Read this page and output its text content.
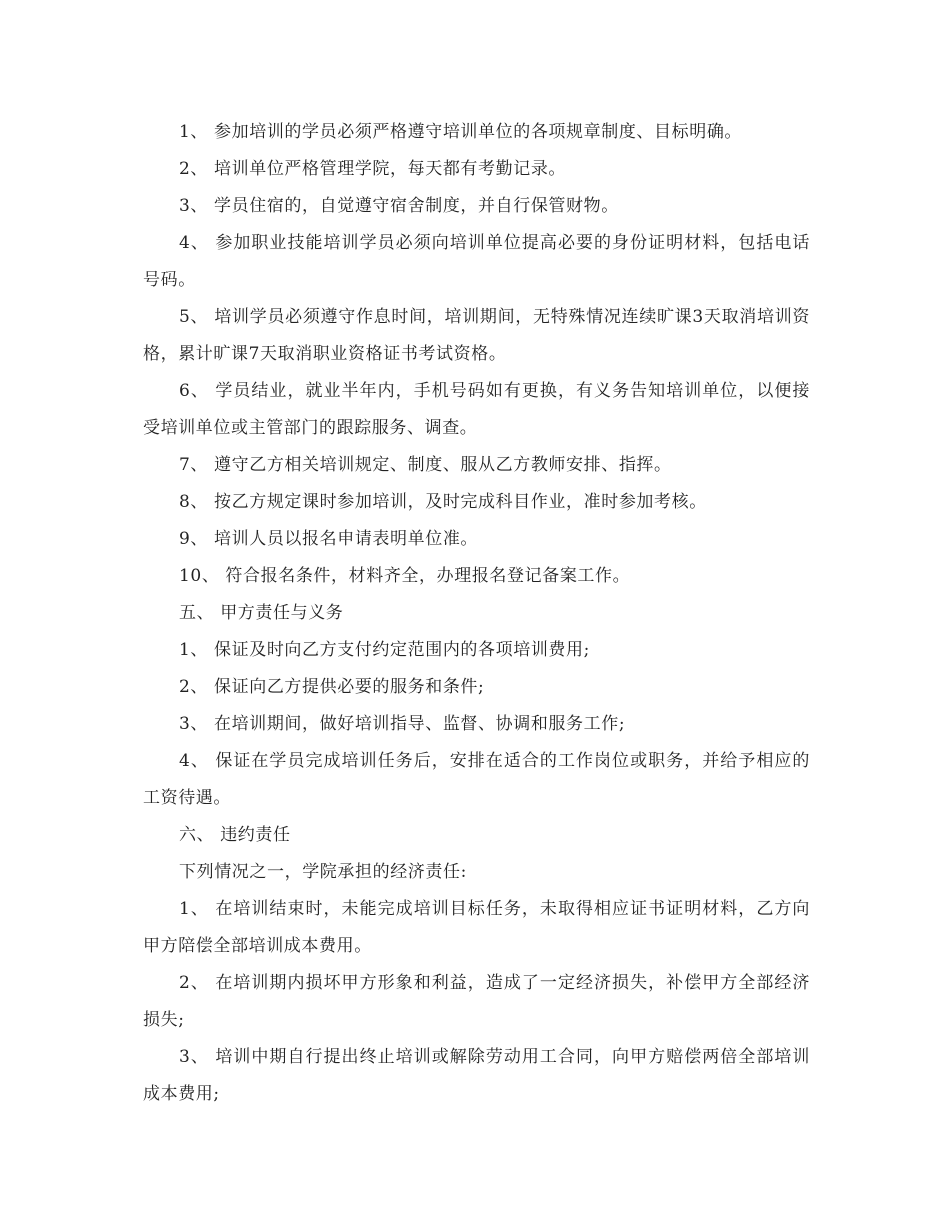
1、 参加培训的学员必须严格遵守培训单位的各项规章制度、目标明确。

2、 培训单位严格管理学院，每天都有考勤记录。

3、 学员住宿的，自觉遵守宿舍制度，并自行保管财物。

4、 参加职业技能培训学员必须向培训单位提高必要的身份证明材料，包括电话号码。

5、 培训学员必须遵守作息时间，培训期间，无特殊情况连续旷课3天取消培训资格，累计旷课7天取消职业资格证书考试资格。

6、 学员结业，就业半年内，手机号码如有更换，有义务告知培训单位，以便接受培训单位或主管部门的跟踪服务、调查。

7、 遵守乙方相关培训规定、制度、服从乙方教师安排、指挥。

8、 按乙方规定课时参加培训，及时完成科目作业，准时参加考核。

9、 培训人员以报名申请表明单位准。

10、 符合报名条件，材料齐全，办理报名登记备案工作。

五、 甲方责任与义务

1、 保证及时向乙方支付约定范围内的各项培训费用;

2、 保证向乙方提供必要的服务和条件;

3、 在培训期间，做好培训指导、监督、协调和服务工作;

4、 保证在学员完成培训任务后，安排在适合的工作岗位或职务，并给予相应的工资待遇。

六、 违约责任

下列情况之一，学院承担的经济责任:

1、 在培训结束时，未能完成培训目标任务，未取得相应证书证明材料，乙方向甲方陪偿全部培训成本费用。

2、 在培训期内损坏甲方形象和利益，造成了一定经济损失，补偿甲方全部经济损失;

3、 培训中期自行提出终止培训或解除劳动用工合同，向甲方赔偿两倍全部培训成本费用;
